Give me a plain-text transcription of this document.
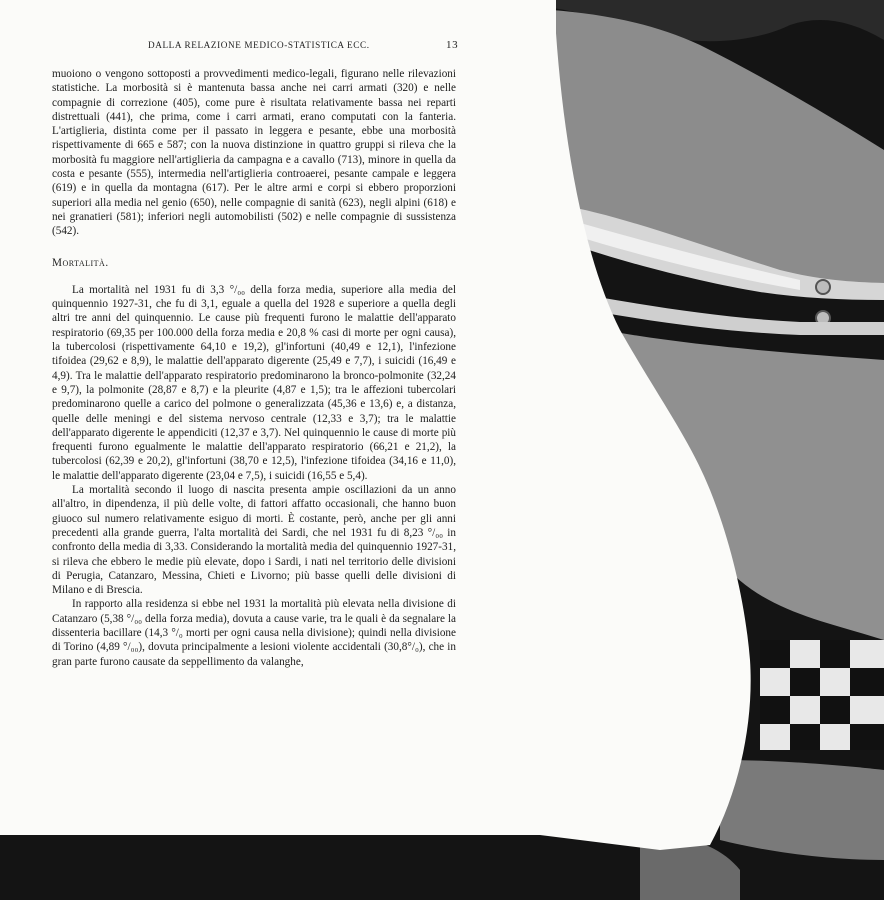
DALLA RELAZIONE MEDICO-STATISTICA ECC.	13

muoiono o vengono sottoposti a provvedimenti medico-legali, figurano nelle rilevazioni statistiche. La morbosità si è mantenuta bassa anche nei carri armati (320) e nelle compagnie di correzione (405), come pure è risultata relativamente bassa nei reparti distrettuali (441), che prima, come i carri armati, erano computati con la fanteria. L'artiglieria, distinta come per il passato in leggera e pesante, ebbe una morbosità rispettivamente di 665 e 587; con la nuova distinzione in quattro gruppi si rileva che la morbosità fu maggiore nell'artiglieria da campagna e a cavallo (713), minore in quella da costa e pesante (555), intermedia nell'artiglieria controaerei, pesante campale e leggera (619) e in quella da montagna (617). Per le altre armi e corpi si ebbero proporzioni superiori alla media nel genio (650), nelle compagnie di sanità (623), negli alpini (618) e nei granatieri (581); inferiori negli automobilisti (502) e nelle compagnie di sussistenza (542).

Mortalità.

La mortalità nel 1931 fu di 3,3 °/₀₀ della forza media, superiore alla media del quinquennio 1927-31, che fu di 3,1, eguale a quella del 1928 e superiore a quella degli altri tre anni del quinquennio. Le cause più frequenti furono le malattie dell'apparato respiratorio (69,35 per 100.000 della forza media e 20,8 % casi di morte per ogni causa), la tubercolosi (rispettivamente 64,10 e 19,2), gl'infortuni (40,49 e 12,1), l'infezione tifoidea (29,62 e 8,9), le malattie dell'apparato digerente (25,49 e 7,7), i suicidi (16,49 e 4,9). Tra le malattie dell'apparato respiratorio predominarono la bronco-polmonite (32,24 e 9,7), la polmonite (28,87 e 8,7) e la pleurite (4,87 e 1,5); tra le affezioni tubercolari predominarono quelle a carico del polmone o generalizzata (45,36 e 13,6) e, a distanza, quelle delle meningi e del sistema nervoso centrale (12,33 e 3,7); tra le malattie dell'apparato digerente le appendiciti (12,37 e 3,7). Nel quinquennio le cause di morte più frequenti furono egualmente le malattie dell'apparato respiratorio (66,21 e 21,2), la tubercolosi (62,39 e 20,2), gl'infortuni (38,70 e 12,5), l'infezione tifoidea (34,16 e 11,0), le malattie dell'apparato digerente (23,04 e 7,5), i suicidi (16,55 e 5,4).

La mortalità secondo il luogo di nascita presenta ampie oscillazioni da un anno all'altro, in dipendenza, il più delle volte, di fattori affatto occasionali, che hanno buon giuoco sul numero relativamente esiguo di morti. È costante, però, anche per gli anni precedenti alla grande guerra, l'alta mortalità dei Sardi, che nel 1931 fu di 8,23 °/₀₀ in confronto della media di 3,33. Considerando la mortalità media del quinquennio 1927-31, si rileva che ebbero le medie più elevate, dopo i Sardi, i nati nel territorio delle divisioni di Perugia, Catanzaro, Messina, Chieti e Livorno; più basse quelli delle divisioni di Milano e di Brescia.

In rapporto alla residenza si ebbe nel 1931 la mortalità più elevata nella divisione di Catanzaro (5,38 °/₀₀ della forza media), dovuta a cause varie, tra le quali è da segnalare la dissenteria bacillare (14,3 °/₀ morti per ogni causa nella divisione); quindi nella divisione di Torino (4,89 °/₀₀), dovuta principalmente a lesioni violente accidentali (30,8°/₀), che in gran parte furono causate da seppellimento da valanghe,
